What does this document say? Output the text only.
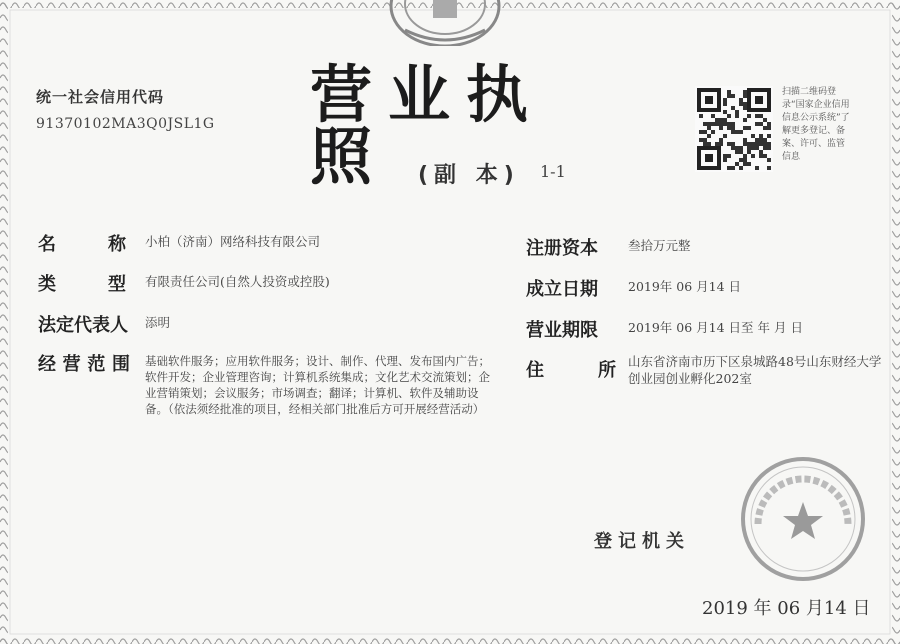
统一社会信用代码
91370102MA3Q0JSL1G 营业执照	(副 本) 1-1
扫描二维码登录“国家企业信用信息公示系统”了解更多登记、备案、许可、监管信息
名	称 小柏（济南）网络科技有限公司
类	型 有限责任公司(自然人投资或控股)
法定代表人 添明
经 营 范 围 基础软件服务；应用软件服务；设计、制作、代理、发布国内广告；软件开发；企业管理咨询；计算机系统集成；文化艺术交流策划；企业营销策划；会议服务；市场调查；翻译；计算机、软件及辅助设备。（依法须经批准的项目，经相关部门批准后方可开展经营活动）
注册资本	叁拾万元整
成立日期	2019年 06 月14 日
营业期限	2019年 06 月14 日至 年 月 日
住	所 山东省济南市历下区泉城路48号山东财经大学创业园创业孵化202室
登记机关
2019 年 06 月14 日
